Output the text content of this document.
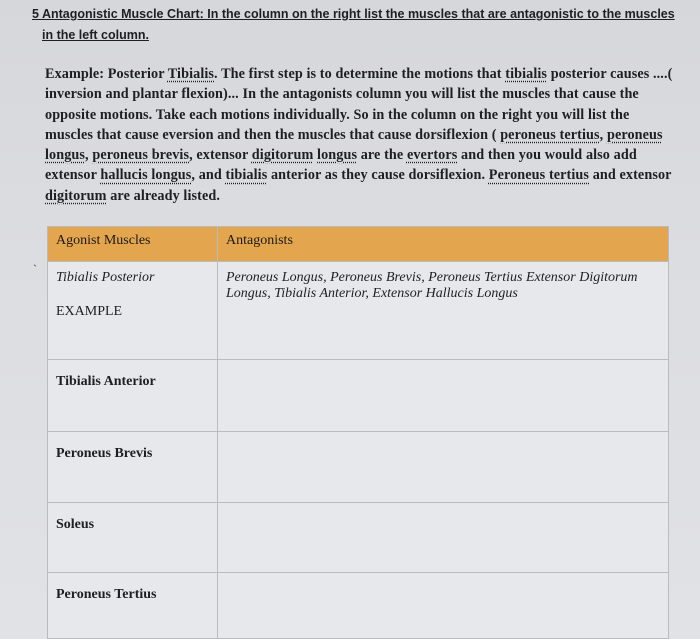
5 Antagonistic Muscle Chart: In the column on the right list the muscles that are antagonistic to the muscles
in the left column.
Example: Posterior Tibialis. The first step is to determine the motions that tibialis posterior causes ....( inversion and plantar flexion)... In the antagonists column you will list the muscles that cause the opposite motions. Take each motions individually. So in the column on the right you will list the muscles that cause eversion and then the muscles that cause dorsiflexion ( peroneus tertius, peroneus longus, peroneus brevis, extensor digitorum longus are the evertors and then you would also add extensor hallucis longus, and tibialis anterior as they cause dorsiflexion. Peroneus tertius and extensor digitorum are already listed.
ˋ
Agonist Muscles	Antagonists

Tibialis Posterior
EXAMPLE	Peroneus Longus, Peroneus Brevis, Peroneus Tertius Extensor Digitorum Longus, Tibialis Anterior, Extensor Hallucis Longus

Tibialis Anterior	

Peroneus Brevis	

Soleus	

Peroneus Tertius	
